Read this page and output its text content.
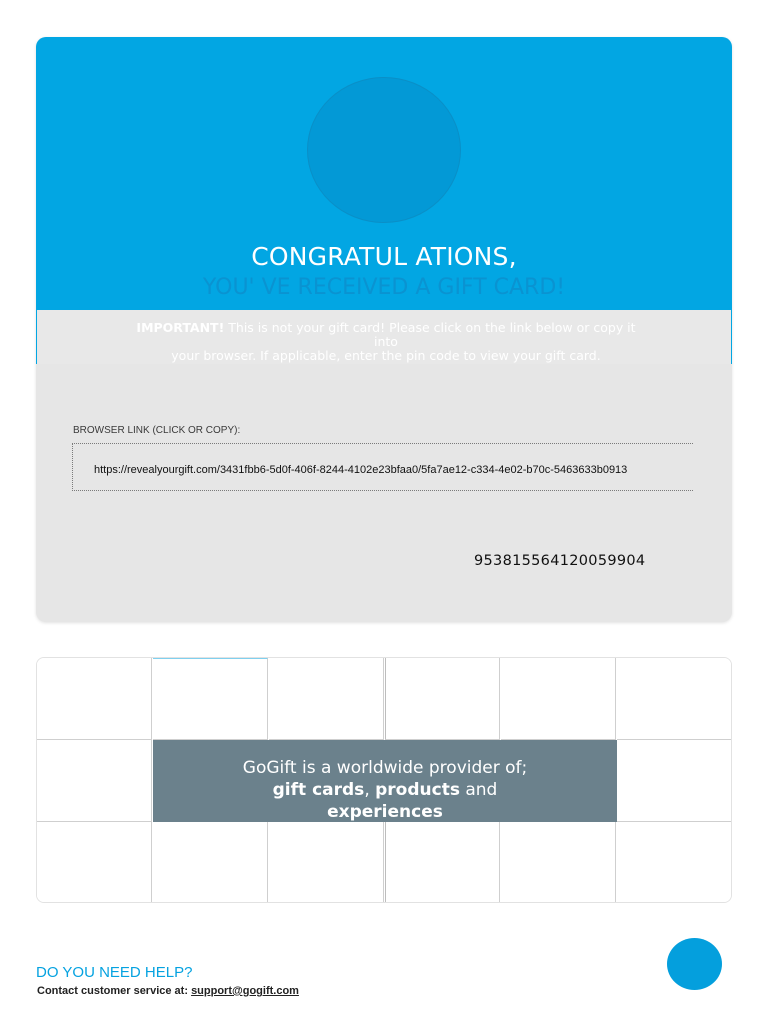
CONGRATUL ATIONS,
YOU' VE RECEIVED A GIFT CARD!
IMPORTANT! This is not your gift card! Please click on the link below or copy it into
your browser. If applicable, enter the pin code to view your gift card.
BROWSER LINK (CLICK OR COPY):
https://revealyourgift.com/3431fbb6-5d0f-406f-8244-4102e23bfaa0/5fa7ae12-c334-4e02-b70c-5463633b0913
953815564120059904
GoGift is a worldwide provider of;
gift cards, products and
experiences
DO YOU NEED HELP?
Contact customer service at: support@gogift.com
